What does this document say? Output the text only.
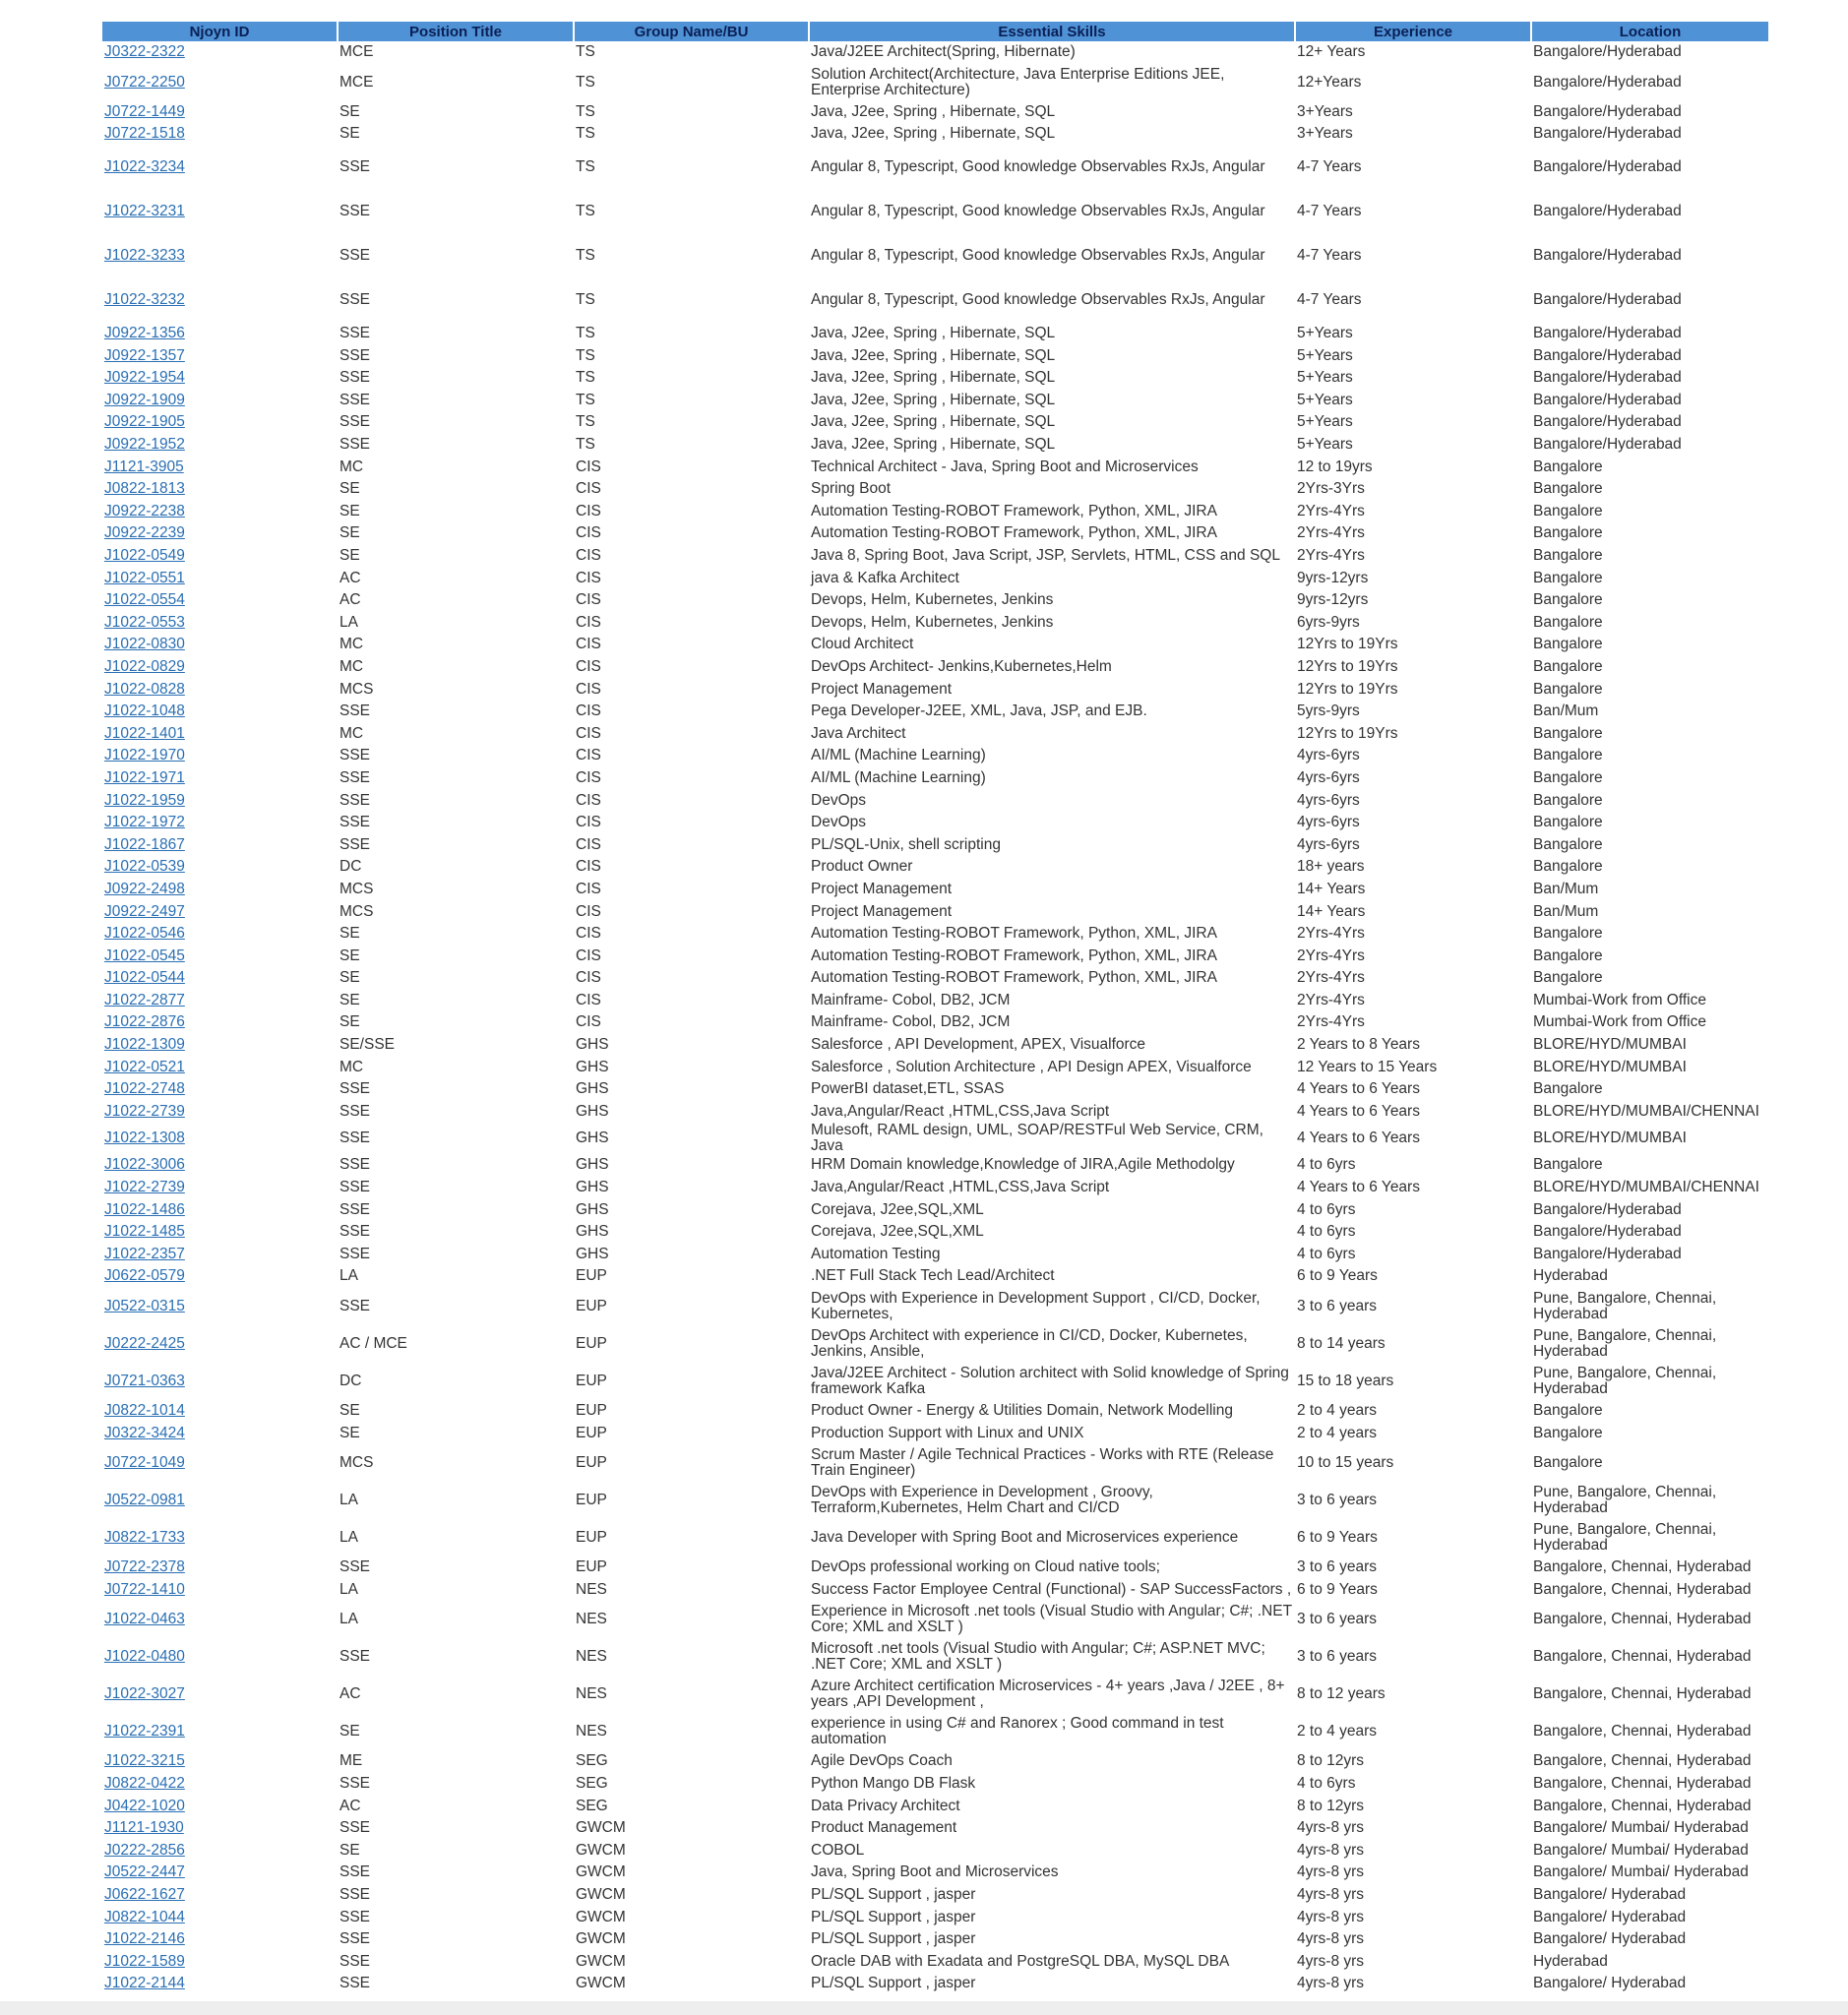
Njoyn ID	Position Title	Group Name/BU	Essential Skills	Experience	Location
J0322-2322	MCE	TS	Java/J2EE Architect(Spring, Hibernate)	12+ Years	Bangalore/Hyderabad
J0722-2250	MCE	TS	Solution Architect(Architecture, Java Enterprise Editions JEE, Enterprise Architecture)	12+Years	Bangalore/Hyderabad
J0722-1449	SE	TS	Java, J2ee, Spring , Hibernate, SQL	3+Years	Bangalore/Hyderabad
J0722-1518	SE	TS	Java, J2ee, Spring , Hibernate, SQL	3+Years	Bangalore/Hyderabad
J1022-3234	SSE	TS	Angular 8, Typescript, Good knowledge Observables RxJs, Angular	4-7 Years	Bangalore/Hyderabad
J1022-3231	SSE	TS	Angular 8, Typescript, Good knowledge Observables RxJs, Angular	4-7 Years	Bangalore/Hyderabad
J1022-3233	SSE	TS	Angular 8, Typescript, Good knowledge Observables RxJs, Angular	4-7 Years	Bangalore/Hyderabad
J1022-3232	SSE	TS	Angular 8, Typescript, Good knowledge Observables RxJs, Angular	4-7 Years	Bangalore/Hyderabad
J0922-1356	SSE	TS	Java, J2ee, Spring , Hibernate, SQL	5+Years	Bangalore/Hyderabad
J0922-1357	SSE	TS	Java, J2ee, Spring , Hibernate, SQL	5+Years	Bangalore/Hyderabad
J0922-1954	SSE	TS	Java, J2ee, Spring , Hibernate, SQL	5+Years	Bangalore/Hyderabad
J0922-1909	SSE	TS	Java, J2ee, Spring , Hibernate, SQL	5+Years	Bangalore/Hyderabad
J0922-1905	SSE	TS	Java, J2ee, Spring , Hibernate, SQL	5+Years	Bangalore/Hyderabad
J0922-1952	SSE	TS	Java, J2ee, Spring , Hibernate, SQL	5+Years	Bangalore/Hyderabad
J1121-3905	MC	CIS	Technical Architect - Java, Spring Boot and Microservices	12 to 19yrs	Bangalore
J0822-1813	SE	CIS	Spring Boot	2Yrs-3Yrs	Bangalore
J0922-2238	SE	CIS	Automation Testing-ROBOT Framework, Python, XML, JIRA	2Yrs-4Yrs	Bangalore
J0922-2239	SE	CIS	Automation Testing-ROBOT Framework, Python, XML, JIRA	2Yrs-4Yrs	Bangalore
J1022-0549	SE	CIS	Java 8, Spring Boot, Java Script, JSP, Servlets, HTML, CSS and SQL	2Yrs-4Yrs	Bangalore
J1022-0551	AC	CIS	java & Kafka Architect	9yrs-12yrs	Bangalore
J1022-0554	AC	CIS	Devops, Helm, Kubernetes, Jenkins	9yrs-12yrs	Bangalore
J1022-0553	LA	CIS	Devops, Helm, Kubernetes, Jenkins	6yrs-9yrs	Bangalore
J1022-0830	MC	CIS	Cloud Architect	12Yrs to 19Yrs	Bangalore
J1022-0829	MC	CIS	DevOps Architect- Jenkins,Kubernetes,Helm	12Yrs to 19Yrs	Bangalore
J1022-0828	MCS	CIS	Project Management	12Yrs to 19Yrs	Bangalore
J1022-1048	SSE	CIS	Pega Developer-J2EE, XML, Java, JSP, and EJB.	5yrs-9yrs	Ban/Mum
J1022-1401	MC	CIS	Java Architect	12Yrs to 19Yrs	Bangalore
J1022-1970	SSE	CIS	AI/ML (Machine Learning)	4yrs-6yrs	Bangalore
J1022-1971	SSE	CIS	AI/ML (Machine Learning)	4yrs-6yrs	Bangalore
J1022-1959	SSE	CIS	DevOps	4yrs-6yrs	Bangalore
J1022-1972	SSE	CIS	DevOps	4yrs-6yrs	Bangalore
J1022-1867	SSE	CIS	PL/SQL-Unix, shell scripting	4yrs-6yrs	Bangalore
J1022-0539	DC	CIS	Product Owner	18+ years	Bangalore
J0922-2498	MCS	CIS	Project Management	14+ Years	Ban/Mum
J0922-2497	MCS	CIS	Project Management	14+ Years	Ban/Mum
J1022-0546	SE	CIS	Automation Testing-ROBOT Framework, Python, XML, JIRA	2Yrs-4Yrs	Bangalore
J1022-0545	SE	CIS	Automation Testing-ROBOT Framework, Python, XML, JIRA	2Yrs-4Yrs	Bangalore
J1022-0544	SE	CIS	Automation Testing-ROBOT Framework, Python, XML, JIRA	2Yrs-4Yrs	Bangalore
J1022-2877	SE	CIS	Mainframe- Cobol, DB2, JCM	2Yrs-4Yrs	Mumbai-Work from Office
J1022-2876	SE	CIS	Mainframe- Cobol, DB2, JCM	2Yrs-4Yrs	Mumbai-Work from Office
J1022-1309	SE/SSE	GHS	Salesforce , API Development, APEX, Visualforce	2 Years to 8 Years	BLORE/HYD/MUMBAI
J1022-0521	MC	GHS	Salesforce , Solution Architecture , API Design APEX, Visualforce	12 Years to 15 Years	BLORE/HYD/MUMBAI
J1022-2748	SSE	GHS	PowerBI dataset,ETL, SSAS	4 Years to 6 Years	Bangalore
J1022-2739	SSE	GHS	Java,Angular/React ,HTML,CSS,Java Script	4 Years to 6 Years	BLORE/HYD/MUMBAI/CHENNAI
J1022-1308	SSE	GHS	Mulesoft, RAML design, UML, SOAP/RESTFul Web Service, CRM, Java	4 Years to 6 Years	BLORE/HYD/MUMBAI
J1022-3006	SSE	GHS	HRM Domain knowledge,Knowledge of JIRA,Agile Methodolgy	4 to 6yrs	Bangalore
J1022-2739	SSE	GHS	Java,Angular/React ,HTML,CSS,Java Script	4 Years to 6 Years	BLORE/HYD/MUMBAI/CHENNAI
J1022-1486	SSE	GHS	Corejava, J2ee,SQL,XML	4 to 6yrs	Bangalore/Hyderabad
J1022-1485	SSE	GHS	Corejava, J2ee,SQL,XML	4 to 6yrs	Bangalore/Hyderabad
J1022-2357	SSE	GHS	Automation Testing	4 to 6yrs	Bangalore/Hyderabad
J0622-0579	LA	EUP	.NET Full Stack Tech Lead/Architect	6 to 9 Years	Hyderabad
J0522-0315	SSE	EUP	DevOps with Experience in Development Support , CI/CD, Docker, Kubernetes,	3 to 6 years	Pune, Bangalore, Chennai, Hyderabad
J0222-2425	AC / MCE	EUP	DevOps Architect with experience in CI/CD, Docker, Kubernetes, Jenkins, Ansible,	8 to 14 years	Pune, Bangalore, Chennai, Hyderabad
J0721-0363	DC	EUP	Java/J2EE Architect - Solution architect with Solid knowledge of Spring framework Kafka	15 to 18 years	Pune, Bangalore, Chennai, Hyderabad
J0822-1014	SE	EUP	Product Owner - Energy & Utilities Domain, Network Modelling	2 to 4 years	Bangalore
J0322-3424	SE	EUP	Production Support with Linux and UNIX	2 to 4 years	Bangalore
J0722-1049	MCS	EUP	Scrum Master / Agile Technical Practices - Works with RTE (Release Train Engineer)	10 to 15 years	Bangalore
J0522-0981	LA	EUP	DevOps with Experience in Development , Groovy, Terraform,Kubernetes, Helm Chart and CI/CD	3 to 6 years	Pune, Bangalore, Chennai, Hyderabad
J0822-1733	LA	EUP	Java Developer with Spring Boot and Microservices experience	6 to 9 Years	Pune, Bangalore, Chennai, Hyderabad
J0722-2378	SSE	EUP	DevOps professional working on Cloud native tools;	3 to 6 years	Bangalore, Chennai, Hyderabad
J0722-1410	LA	NES	Success Factor Employee Central (Functional) - SAP SuccessFactors ,	6 to 9 Years	Bangalore, Chennai, Hyderabad
J1022-0463	LA	NES	Experience in Microsoft .net tools (Visual Studio with Angular; C#; .NET Core; XML and XSLT )	3 to 6 years	Bangalore, Chennai, Hyderabad
J1022-0480	SSE	NES	Microsoft .net tools (Visual Studio with Angular; C#; ASP.NET MVC; .NET Core; XML and XSLT )	3 to 6 years	Bangalore, Chennai, Hyderabad
J1022-3027	AC	NES	Azure Architect certification Microservices - 4+ years ,Java / J2EE , 8+ years ,API Development ,	8 to 12 years	Bangalore, Chennai, Hyderabad
J1022-2391	SE	NES	experience in using C# and Ranorex ; Good command in test automation	2 to 4 years	Bangalore, Chennai, Hyderabad
J1022-3215	ME	SEG	Agile DevOps Coach	8 to 12yrs	Bangalore, Chennai, Hyderabad
J0822-0422	SSE	SEG	Python Mango DB Flask	4 to 6yrs	Bangalore, Chennai, Hyderabad
J0422-1020	AC	SEG	Data Privacy Architect	8 to 12yrs	Bangalore, Chennai, Hyderabad
J1121-1930	SSE	GWCM	Product Management	4yrs-8 yrs	Bangalore/ Mumbai/ Hyderabad
J0222-2856	SE	GWCM	COBOL	4yrs-8 yrs	Bangalore/ Mumbai/ Hyderabad
J0522-2447	SSE	GWCM	Java, Spring Boot and Microservices	4yrs-8 yrs	Bangalore/ Mumbai/ Hyderabad
J0622-1627	SSE	GWCM	PL/SQL Support , jasper	4yrs-8 yrs	Bangalore/ Hyderabad
J0822-1044	SSE	GWCM	PL/SQL Support , jasper	4yrs-8 yrs	Bangalore/ Hyderabad
J1022-2146	SSE	GWCM	PL/SQL Support , jasper	4yrs-8 yrs	Bangalore/ Hyderabad
J1022-1589	SSE	GWCM	Oracle DAB with Exadata and PostgreSQL DBA, MySQL DBA	4yrs-8 yrs	Hyderabad
J1022-2144	SSE	GWCM	PL/SQL Support , jasper	4yrs-8 yrs	Bangalore/ Hyderabad
